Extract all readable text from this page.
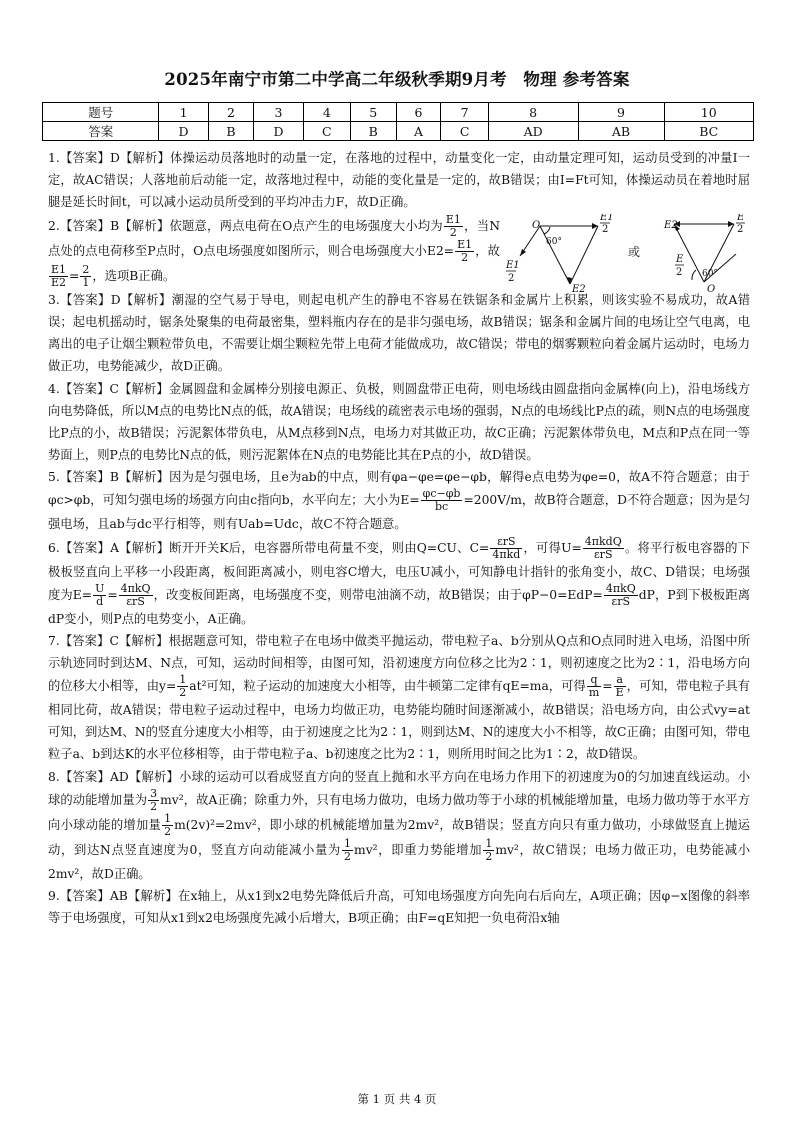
2025年南宁市第二中学高二年级秋季期9月考　物理 参考答案
题号	1	2	3	4	5	6	7	8	9	10
答案	D	B	D	C	B	A	C	AD	AB	BC

1.【答案】D【解析】体操运动员落地时的动量一定，在落地的过程中，动量变化一定，由动量定理可知，运动员受到的冲量I一定，故AC错误；人落地前后动能一定，故落地过程中，动能的变化量是一定的，故B错误；由I=Ft可知，体操运动员在着地时屈腿是延长时间t，可以减小运动员所受到的平均冲击力F，故D正确。

2.【答案】B【解析】依题意，两点电荷在O点产生的电场强度大小均为 $\frac{E1}{2}$ ，当N点处的点电荷移至P点时，O点电场强度如图所示，则合电场强度大小$E2= \frac{E1}{2}$ ，故
$\frac{E1}{E2} = \frac{2}{1}$ ，选项B正确。
O
60°
E1
2
E1
2
E2
或
E2
E
2
E
2 60°
O

3.【答案】D【解析】潮湿的空气易于导电，则起电机产生的静电不容易在铁锯条和金属片上积累，则该实验不易成功，故A错误；起电机摇动时，锯条处聚集的电荷最密集，塑料瓶内存在的是非匀强电场，故B错误；锯条和金属片间的电场让空气电离，电离出的电子让烟尘颗粒带负电，不需要让烟尘颗粒先带上电荷才能做成功，故C错误；带电的烟雾颗粒向着金属片运动时，电场力做正功，电势能减少，故D正确。

4.【答案】C【解析】金属圆盘和金属棒分别接电源正、负极，则圆盘带正电荷，则电场线由圆盘指向金属棒(向上)，沿电场线方向电势降低，所以M点的电势比N点的低，故A错误；电场线的疏密表示电场的强弱，N点的电场线比P点的疏，则N点的电场强度比P点的小，故B错误；污泥絮体带负电，从M点移到N点，电场力对其做正功，故C正确；污泥絮体带负电，M点和P点在同一等势面上，则P点的电势比N点的低，则污泥絮体在N点的电势能比其在P点的小，故D错误。

5.【答案】B【解析】因为是匀强电场，且e为ab的中点，则有φa−φe=φe−φb，解得e点电势为φe=0，故A不符合题意；由于φc>φb，可知匀强电场的场强方向由c指向b，水平向左；大小为$E= \frac{\varphi c-\varphi b}{bc} =200V/m$，故B符合题意，D不符合题意；因为是匀强电场，且ab与dc平行相等，则有Uab=Udc，故C不符合题意。

6.【答案】A【解析】断开开关K后，电容器所带电荷量不变，则由Q=CU、$C= \frac{\text{εrS}}{\text{4πkd}}$ ，可得$U= \frac{\text{4πkdQ}}{\text{εrS}}$ 。将平行板电容器的下极板竖直向上平移一小段距离，板间距离减小，则电容C增大，电压U减小，可知静电计指针的张角变小，故C、D错误；电场强度为$E= \frac{U}{d} = \frac{\text{4πkQ}}{\text{εrS}}$ ，改变板间距离，电场强度不变，则带电油滴不动，故B错误；由于$\varphi P-0=EdP= \frac{\text{4πkQ}}{\text{εrS}}$ dP，P到下极板距离dP变小，则P点的电势变小，A正确。

7.【答案】C【解析】根据题意可知，带电粒子在电场中做类平抛运动，带电粒子a、b分别从Q点和O点同时进入电场，沿图中所示轨迹同时到达M、N点，可知，运动时间相等，由图可知，沿初速度方向位移之比为2∶1，则初速度之比为2∶1，沿电场方向的位移大小相等，由$y= \frac{1}{2} at^2$可知，粒子运动的加速度大小相等，由牛顿第二定律有qE=ma，可得 $\frac{q}{m} = \frac{a}{E}$ ，可知，带电粒子具有相同比荷，故A错误；带电粒子运动过程中，电场力均做正功，电势能均随时间逐渐减小，故B错误；沿电场方向，由公式vy=at可知，到达M、N的竖直分速度大小相等，由于初速度之比为2∶1，则到达M、N的速度大小不相等，故C正确；由图可知，带电粒子a、b到达K的水平位移相等，由于带电粒子a、b初速度之比为2∶1，则所用时间之比为1∶2，故D错误。

8.【答案】AD【解析】小球的运动可以看成竖直方向的竖直上抛和水平方向在电场力作用下的初速度为0的匀加速直线运动。小球的动能增加量为 $\frac{3}{2} mv^2$，故A正确；除重力外，只有电场力做功，电场力做功等于小球的机械能增加量，电场力做功等于水平方向小球动能的增加量 $\frac{1}{2} m(2v)^2=2mv^2$，即小球的机械能增加量为2mv²，故B错误；竖直方向只有重力做功，小球做竖直上抛运动，到达N点竖直速度为0，竖直方向动能减小量为 $\frac{1}{2} mv^2$，即重力势能增加 $\frac{1}{2} mv^2$，故C错误；电场力做正功，电势能减小2mv²，故D正确。

9.【答案】AB【解析】在x轴上，从x1到x2电势先降低后升高，可知电场强度方向先向右后向左，A项正确；因φ−x图像的斜率等于电场强度，可知从x1到x2电场强度先减小后增大，B项正确；由F=qE知把一负电荷沿x轴

第 1 页 共 4 页
